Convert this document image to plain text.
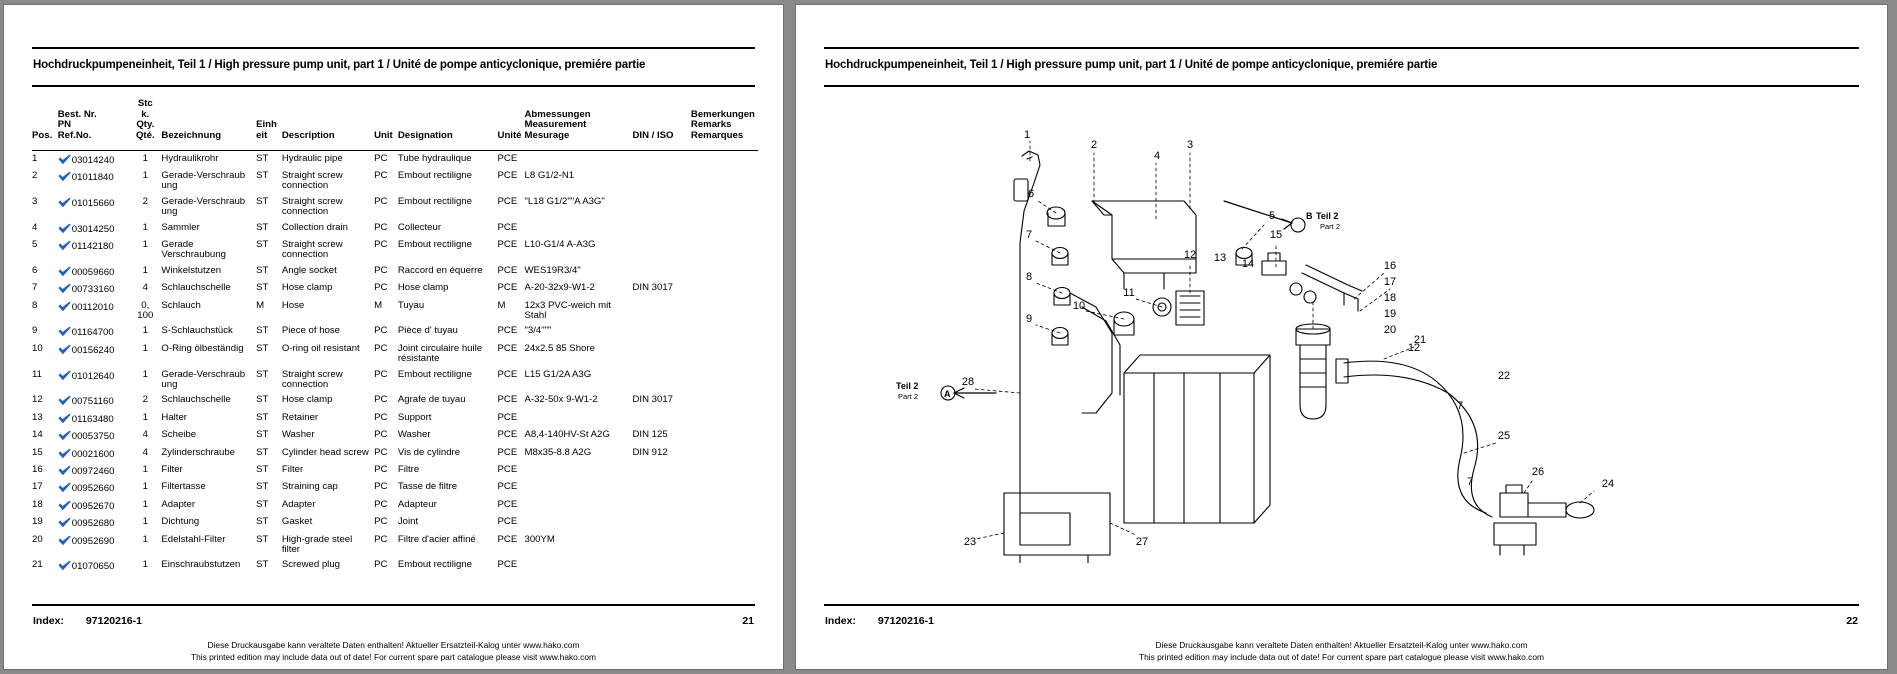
Hochdruckpumpeneinheit, Teil 1 / High pressure pump unit, part 1 / Unité de pompe anticyclonique, premiére partie
Pos.	Best. Nr.
PN
Ref.No.	Stc
k.
Qty.
Qté.	Bezeichnung	Einh
eit	Description	Unit	Designation	Unité	Abmessungen
Measurement
Mesurage	DIN / ISO	Bemerkungen
Remarks
Remarques

1	03014240	1	Hydraulikrohr	ST	Hydraulic pipe	PC	Tube hydraulique	PCE			
2	01011840	1	Gerade-Verschraub ung	ST	Straight screw connection	PC	Embout rectiligne	PCE	L8 G1/2-N1		
3	01015660	2	Gerade-Verschraub ung	ST	Straight screw connection	PC	Embout rectiligne	PCE	"L18 G1/2""A A3G"		
4	03014250	1	Sammler	ST	Collection drain	PC	Collecteur	PCE			
5	01142180	1	Gerade Verschraubung	ST	Straight screw connection	PC	Embout rectiligne	PCE	L10-G1/4 A-A3G		
6	00059660	1	Winkelstutzen	ST	Angle socket	PC	Raccord en équerre	PCE	WES19R3/4"		
7	00733160	4	Schlauchschelle	ST	Hose clamp	PC	Hose clamp	PCE	A-20-32x9-W1-2	DIN 3017	
8	00112010	0, 100	Schlauch	M	Hose	M	Tuyau	M	12x3 PVC-weich mit Stahl		
9	01164700	1	S-Schlauchstück	ST	Piece of hose	PC	Pièce d' tuyau	PCE	"3/4"""		
10	00156240	1	O-Ring ölbeständig	ST	O-ring oil resistant	PC	Joint circulaire huile résistante	PCE	24x2.5 85 Shore		
11	01012640	1	Gerade-Verschraub ung	ST	Straight screw connection	PC	Embout rectiligne	PCE	L15 G1/2A A3G		
12	00751160	2	Schlauchschelle	ST	Hose clamp	PC	Agrafe de tuyau	PCE	A-32-50x 9-W1-2	DIN 3017	
13	01163480	1	Halter	ST	Retainer	PC	Support	PCE			
14	00053750	4	Scheibe	ST	Washer	PC	Washer	PCE	A8,4-140HV-St A2G	DIN 125	
15	00021600	4	Zylinderschraube	ST	Cylinder head screw	PC	Vis de cylindre	PCE	M8x35-8.8 A2G	DIN 912	
16	00972460	1	Filter	ST	Filter	PC	Filtre	PCE			
17	00952660	1	Filtertasse	ST	Straining cap	PC	Tasse de filtre	PCE			
18	00952670	1	Adapter	ST	Adapter	PC	Adapteur	PCE			
19	00952680	1	Dichtung	ST	Gasket	PC	Joint	PCE			
20	00952690	1	Edelstahl-Filter	ST	High-grade steel filter	PC	Filtre d'acier affiné	PCE	300YM		
21	01070650	1	Einschraubstutzen	ST	Screwed plug	PC	Embout rectiligne	PCE			
Index: 97120216-1	21
Diese Druckausgabe kann veraltete Daten enthalten! Aktueller Ersatzteil-Kalog unter www.hako.com
This printed edition may include data out of date! For current spare part catalogue please visit www.hako.com
Hochdruckpumpeneinheit, Teil 1 / High pressure pump unit, part 1 / Unité de pompe anticyclonique, premiére partie
1
2	3
4
5
6
7
8
9
10
11
12 13 14
15
16
17
18
19
20
21
22
23
24
25
26
27
28
12
7
7
B Teil 2
Part 2
A
Teil 2
Part 2
Index: 97120216-1	22
Diese Druckausgabe kann veraltete Daten enthalten! Aktueller Ersatzteil-Kalog unter www.hako.com
This printed edition may include data out of date! For current spare part catalogue please visit www.hako.com
